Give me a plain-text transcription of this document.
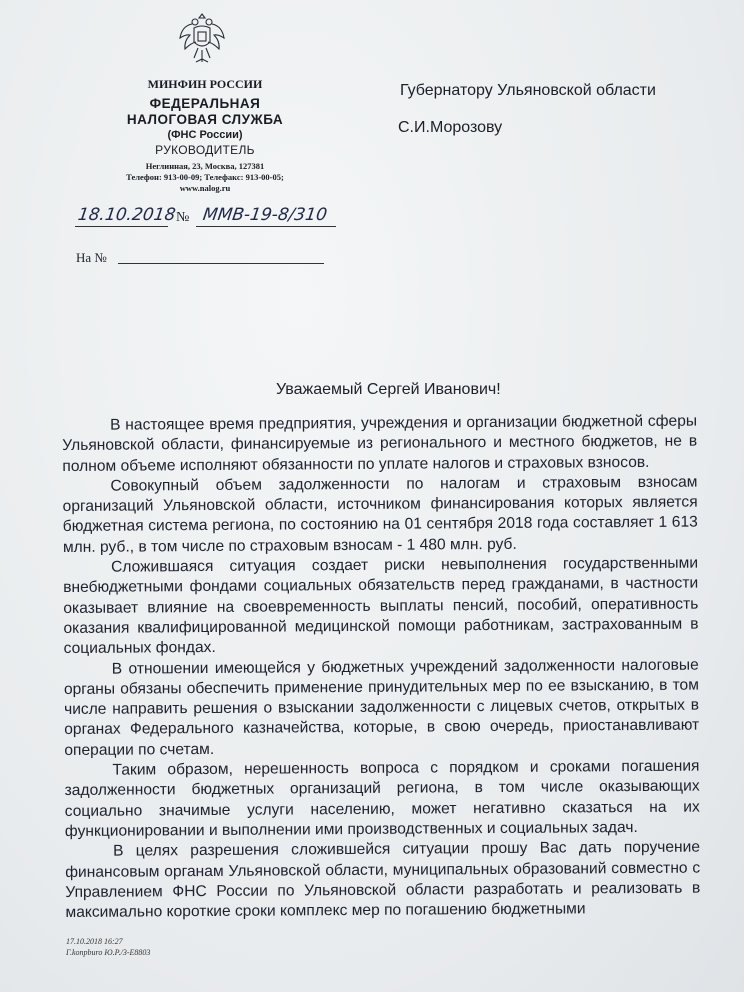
МИНФИН РОССИИ
ФЕДЕРАЛЬНАЯ
НАЛОГОВАЯ СЛУЖБА
(ФНС России)
РУКОВОДИТЕЛЬ
Неглинная, 23, Москва, 127381
Телефон: 913-00-09; Телефакс: 913-00-05;
www.nalog.ru
Губернатору Ульяновской области
С.И.Морозову
18.10.2018 № ММВ-19-8/310
На №
Уважаемый Сергей Иванович!

В настоящее время предприятия, учреждения и организации бюджетной сферы Ульяновской области, финансируемые из регионального и местного бюджетов, не в полном объеме исполняют обязанности по уплате налогов и страховых взносов.

Совокупный объем задолженности по налогам и страховым взносам организаций Ульяновской области, источником финансирования которых является бюджетная система региона, по состоянию на 01 сентября 2018 года составляет 1 613 млн. руб., в том числе по страховым взносам - 1 480 млн. руб.

Сложившаяся ситуация создает риски невыполнения государственными внебюджетными фондами социальных обязательств перед гражданами, в частности оказывает влияние на своевременность выплаты пенсий, пособий, оперативность оказания квалифицированной медицинской помощи работникам, застрахованным в социальных фондах.

В отношении имеющейся у бюджетных учреждений задолженности налоговые органы обязаны обеспечить применение принудительных мер по ее взысканию, в том числе направить решения о взыскании задолженности с лицевых счетов, открытых в органах Федерального казначейства, которые, в свою очередь, приостанавливают операции по счетам.

Таким образом, нерешенность вопроса с порядком и сроками погашения задолженности бюджетных организаций региона, в том числе оказывающих социально значимые услуги населению, может негативно сказаться на их функционировании и выполнении ими производственных и социальных задач.

В целях разрешения сложившейся ситуации прошу Вас дать поручение финансовым органам Ульяновской области, муниципальных образований совместно с Управлением ФНС России по Ульяновской области разработать и реализовать в максимально короткие сроки комплекс мер по погашению бюджетными

17.10.2018 16:27
Г.konpburo Ю.Р./3-E8803
